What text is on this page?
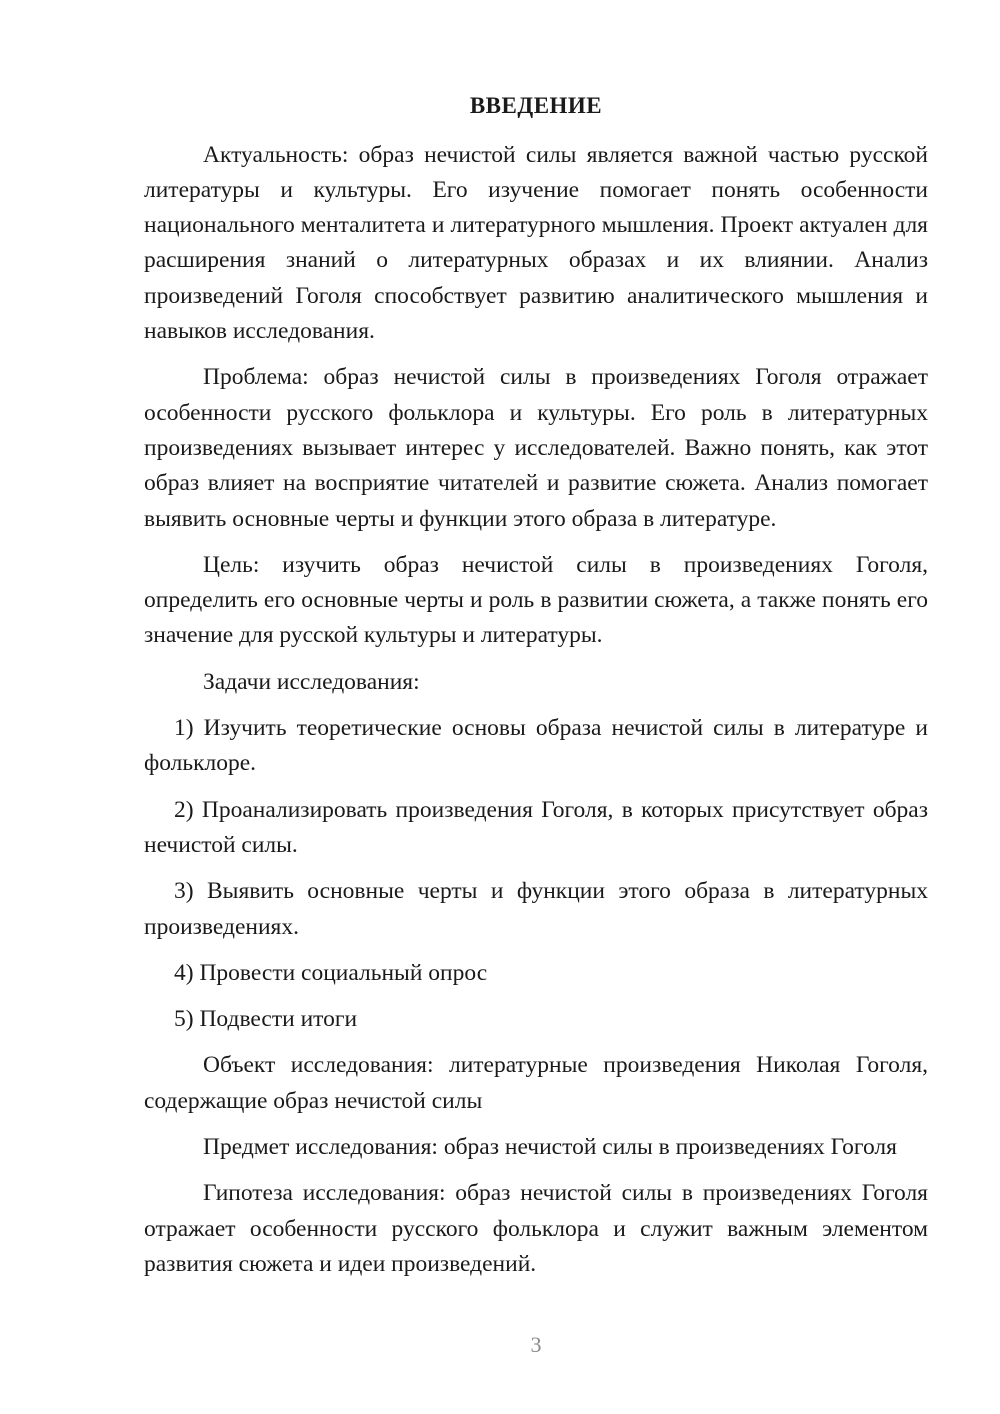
ВВЕДЕНИЕ

Актуальность: образ нечистой силы является важной частью русской литературы и культуры. Его изучение помогает понять особенности национального менталитета и литературного мышления. Проект актуален для расширения знаний о литературных образах и их влиянии. Анализ произведений Гоголя способствует развитию аналитического мышления и навыков исследования.

Проблема: образ нечистой силы в произведениях Гоголя отражает особенности русского фольклора и культуры. Его роль в литературных произведениях вызывает интерес у исследователей. Важно понять, как этот образ влияет на восприятие читателей и развитие сюжета. Анализ помогает выявить основные черты и функции этого образа в литературе.

Цель: изучить образ нечистой силы в произведениях Гоголя, определить его основные черты и роль в развитии сюжета, а также понять его значение для русской культуры и литературы.

Задачи исследования:

1) Изучить теоретические основы образа нечистой силы в литературе и фольклоре.

2) Проанализировать произведения Гоголя, в которых присутствует образ нечистой силы.

3) Выявить основные черты и функции этого образа в литературных произведениях.

4) Провести социальный опрос

5) Подвести итоги

Объект исследования: литературные произведения Николая Гоголя, содержащие образ нечистой силы

Предмет исследования: образ нечистой силы в произведениях Гоголя

Гипотеза исследования: образ нечистой силы в произведениях Гоголя отражает особенности русского фольклора и служит важным элементом развития сюжета и идеи произведений.

3
